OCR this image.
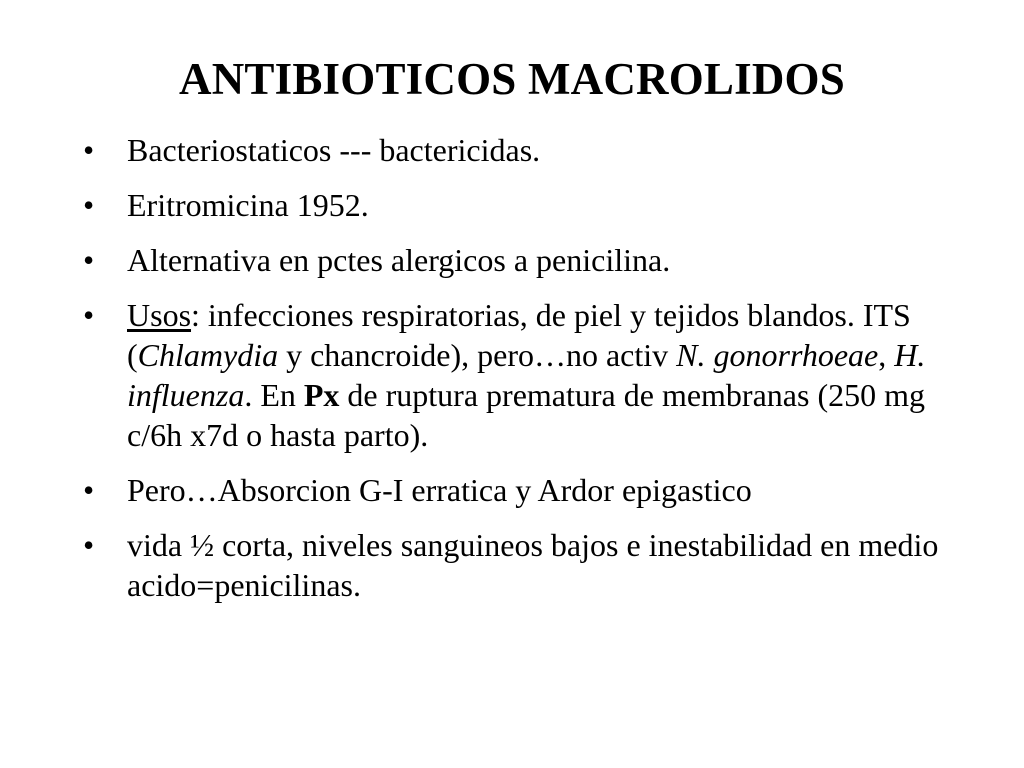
ANTIBIOTICOS MACROLIDOS
•	Bacteriostaticos --- bactericidas.
•	Eritromicina 1952.
•	Alternativa en pctes alergicos a penicilina.
•	Usos: infecciones respiratorias, de piel y tejidos blandos. ITS (Chlamydia y chancroide), pero…no activ N. gonorrhoeae, H. influenza. En Px de ruptura prematura de membranas (250 mg c/6h x7d o hasta parto).
•	Pero…Absorcion G-I erratica y Ardor epigastico
•	vida ½ corta, niveles sanguineos bajos e inestabilidad en medio acido=penicilinas.
